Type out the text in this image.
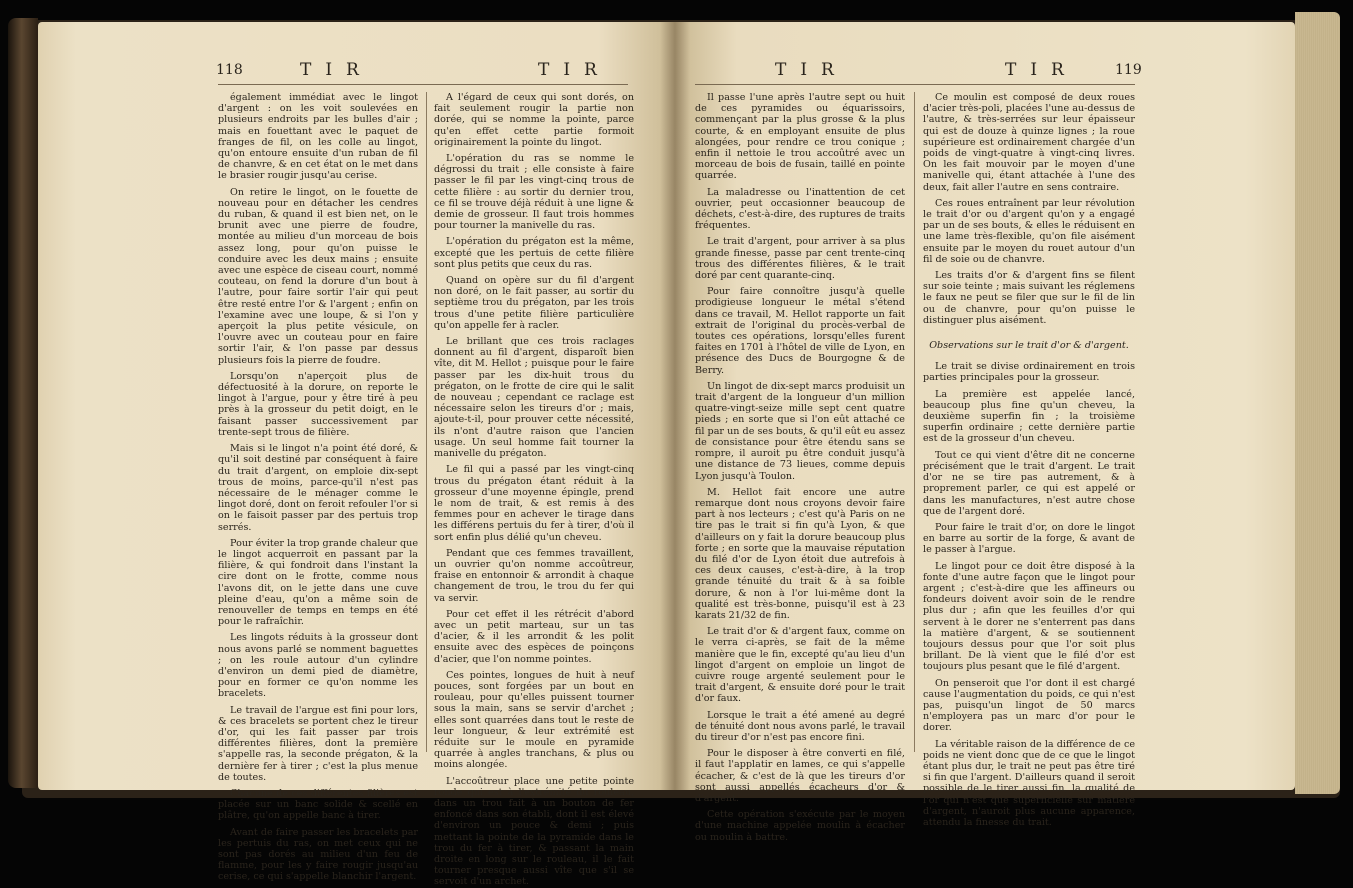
118	TIR	TIR

également immédiat avec le lingot d'argent : on les voit soulevées en plusieurs endroits par les bulles d'air ; mais en fouettant avec le paquet de franges de fil, on les colle au lingot, qu'on entoure ensuite d'un ruban de fil de chanvre, & en cet état on le met dans le brasier rougir jusqu'au cerise.

On retire le lingot, on le fouette de nouveau pour en détacher les cendres du ruban, & quand il est bien net, on le brunit avec une pierre de foudre, montée au milieu d'un morceau de bois assez long, pour qu'on puisse le conduire avec les deux mains ; ensuite avec une espèce de ciseau court, nommé couteau, on fend la dorure d'un bout à l'autre, pour faire sortir l'air qui peut être resté entre l'or & l'argent ; enfin on l'examine avec une loupe, & si l'on y aperçoit la plus petite vésicule, on l'ouvre avec un couteau pour en faire sortir l'air, & l'on passe par dessus plusieurs fois la pierre de foudre.

Lorsqu'on n'aperçoit plus de défectuosité à la dorure, on reporte le lingot à l'argue, pour y être tiré à peu près à la grosseur du petit doigt, en le faisant passer successivement par trente-sept trous de filière.

Mais si le lingot n'a point été doré, & qu'il soit destiné par conséquent à faire du trait d'argent, on emploie dix-sept trous de moins, parce-qu'il n'est pas nécessaire de le ménager comme le lingot doré, dont on feroit refouler l'or si on le faisoit passer par des pertuis trop serrés.

Pour éviter la trop grande chaleur que le lingot acquerroit en passant par la filière, & qui fondroit dans l'instant la cire dont on le frotte, comme nous l'avons dit, on le jette dans une cuve pleine d'eau, qu'on a même soin de renouveller de temps en temps en été pour le rafraîchir.

Les lingots réduits à la grosseur dont nous avons parlé se nomment baguettes ; on les roule autour d'un cylindre d'environ un demi pied de diamètre, pour en former ce qu'on nomme les bracelets.

Le travail de l'argue est fini pour lors, & ces bracelets se portent chez le tireur d'or, qui les fait passer par trois différentes filières, dont la première s'appelle ras, la seconde prégaton, & la dernière fer à tirer ; c'est la plus menue de toutes.

Chacune de ces différentes filières est placée sur un banc solide & scellé en plâtre, qu'on appelle banc à tirer.

Avant de faire passer les bracelets par les pertuis du ras, on met ceux qui ne sont pas dorés au milieu d'un feu de flamme, pour les y faire rougir jusqu'au cerise, ce qui s'appelle blanchir l'argent.

A l'égard de ceux qui sont dorés, on fait seulement rougir la partie non dorée, qui se nomme la pointe, parce qu'en effet cette partie formoit originairement la pointe du lingot.

L'opération du ras se nomme le dégrossi du trait ; elle consiste à faire passer le fil par les vingt-cinq trous de cette filière : au sortir du dernier trou, ce fil se trouve déjà réduit à une ligne & demie de grosseur. Il faut trois hommes pour tourner la manivelle du ras.

L'opération du prégaton est la même, excepté que les pertuis de cette filière sont plus petits que ceux du ras.

Quand on opère sur du fil d'argent non doré, on le fait passer, au sortir du septième trou du prégaton, par les trois trous d'une petite filière particulière qu'on appelle fer à racler.

Le brillant que ces trois raclages donnent au fil d'argent, disparoît bien vîte, dit M. Hellot ; puisque pour le faire passer par les dix-huit trous du prégaton, on le frotte de cire qui le salit de nouveau ; cependant ce raclage est nécessaire selon les tireurs d'or ; mais, ajoute-t-il, pour prouver cette nécessité, ils n'ont d'autre raison que l'ancien usage. Un seul homme fait tourner la manivelle du prégaton.

Le fil qui a passé par les vingt-cinq trous du prégaton étant réduit à la grosseur d'une moyenne épingle, prend le nom de trait, & est remis à des femmes pour en achever le tirage dans les différens pertuis du fer à tirer, d'où il sort enfin plus délié qu'un cheveu.

Pendant que ces femmes travaillent, un ouvrier qu'on nomme accoûtreur, fraise en entonnoir & arrondit à chaque changement de trou, le trou du fer qui va servir.

Pour cet effet il les rétrécit d'abord avec un petit marteau, sur un tas d'acier, & il les arrondit & les polit ensuite avec des espèces de poinçons d'acier, que l'on nomme pointes.

Ces pointes, longues de huit à neuf pouces, sont forgées par un bout en rouleau, pour qu'elles puissent tourner sous la main, sans se servir d'archet ; elles sont quarrées dans tout le reste de leur longueur, & leur extrémité est réduite sur le moule en pyramide quarrée à angles tranchans, & plus ou moins alongée.

L'accoûtreur place une petite pointe ronde qui est à l'extrémité du rouleau, dans un trou fait à un bouton de fer enfoncé dans son établi, dont il est élevé d'environ un pouce & demi ; puis mettant la pointe de la pyramide dans le trou du fer à tirer, & passant la main droite en long sur le rouleau, il le fait tourner presque aussi vîte que s'il se servoit d'un archet.

TIR	TIR	119

Il passe l'une après l'autre sept ou huit de ces pyramides ou équarissoirs, commençant par la plus grosse & la plus courte, & en employant ensuite de plus alongées, pour rendre ce trou conique ; enfin il nettoie le trou accoûtré avec un morceau de bois de fusain, taillé en pointe quarrée.

La maladresse ou l'inattention de cet ouvrier, peut occasionner beaucoup de déchets, c'est-à-dire, des ruptures de traits fréquentes.

Le trait d'argent, pour arriver à sa plus grande finesse, passe par cent trente-cinq trous des différentes filières, & le trait doré par cent quarante-cinq.

Pour faire connoître jusqu'à quelle prodigieuse longueur le métal s'étend dans ce travail, M. Hellot rapporte un fait extrait de l'original du procès-verbal de toutes ces opérations, lorsqu'elles furent faites en 1701 à l'hôtel de ville de Lyon, en présence des Ducs de Bourgogne & de Berry.

Un lingot de dix-sept marcs produisit un trait d'argent de la longueur d'un million quatre-vingt-seize mille sept cent quatre pieds ; en sorte que si l'on eût attaché ce fil par un de ses bouts, & qu'il eût eu assez de consistance pour être étendu sans se rompre, il auroit pu être conduit jusqu'à une distance de 73 lieues, comme depuis Lyon jusqu'à Toulon.

M. Hellot fait encore une autre remarque dont nous croyons devoir faire part à nos lecteurs ; c'est qu'à Paris on ne tire pas le trait si fin qu'à Lyon, & que d'ailleurs on y fait la dorure beaucoup plus forte ; en sorte que la mauvaise réputation du filé d'or de Lyon étoit due autrefois à ces deux causes, c'est-à-dire, à la trop grande ténuité du trait & à sa foible dorure, & non à l'or lui-même dont la qualité est très-bonne, puisqu'il est à 23 karats 21/32 de fin.

Le trait d'or & d'argent faux, comme on le verra ci-après, se fait de la même manière que le fin, excepté qu'au lieu d'un lingot d'argent on emploie un lingot de cuivre rouge argenté seulement pour le trait d'argent, & ensuite doré pour le trait d'or faux.

Lorsque le trait a été amené au degré de ténuité dont nous avons parlé, le travail du tireur d'or n'est pas encore fini.

Pour le disposer à être converti en filé, il faut l'applatir en lames, ce qui s'appelle écacher, & c'est de là que les tireurs d'or sont aussi appellés écacheurs d'or & d'argent.

Cette opération s'exécute par le moyen d'une machine appelée moulin à écacher ou moulin à battre.

Ce moulin est composé de deux roues d'acier très-poli, placées l'une au-dessus de l'autre, & très-serrées sur leur épaisseur qui est de douze à quinze lignes ; la roue supérieure est ordinairement chargée d'un poids de vingt-quatre à vingt-cinq livres. On les fait mouvoir par le moyen d'une manivelle qui, étant attachée à l'une des deux, fait aller l'autre en sens contraire.

Ces roues entraînent par leur révolution le trait d'or ou d'argent qu'on y a engagé par un de ses bouts, & elles le réduisent en une lame très-flexible, qu'on file aisément ensuite par le moyen du rouet autour d'un fil de soie ou de chanvre.

Les traits d'or & d'argent fins se filent sur soie teinte ; mais suivant les réglemens le faux ne peut se filer que sur le fil de lin ou de chanvre, pour qu'on puisse le distinguer plus aisément.

Observations sur le trait d'or & d'argent.

Le trait se divise ordinairement en trois parties principales pour la grosseur.

La première est appelée lancé, beaucoup plus fine qu'un cheveu, la deuxième superfin fin ; la troisième superfin ordinaire ; cette dernière partie est de la grosseur d'un cheveu.

Tout ce qui vient d'être dit ne concerne précisément que le trait d'argent. Le trait d'or ne se tire pas autrement, & à proprement parler, ce qui est appelé or dans les manufactures, n'est autre chose que de l'argent doré.

Pour faire le trait d'or, on dore le lingot en barre au sortir de la forge, & avant de le passer à l'argue.

Le lingot pour ce doit être disposé à la fonte d'une autre façon que le lingot pour argent ; c'est-à-dire que les affineurs ou fondeurs doivent avoir soin de le rendre plus dur ; afin que les feuilles d'or qui servent à le dorer ne s'enterrent pas dans la matière d'argent, & se soutiennent toujours dessus pour que l'or soit plus brillant. De là vient que le filé d'or est toujours plus pesant que le filé d'argent.

On penseroit que l'or dont il est chargé cause l'augmentation du poids, ce qui n'est pas, puisqu'un lingot de 50 marcs n'employera pas un marc d'or pour le dorer.

La véritable raison de la différence de ce poids ne vient donc que de ce que le lingot étant plus dur, le trait ne peut pas être tiré si fin que l'argent. D'ailleurs quand il seroit possible de le tirer aussi fin, la qualité de l'or qui n'est que superficielle sur matière d'argent, n'auroit plus aucune apparence, attendu la finesse du trait.
